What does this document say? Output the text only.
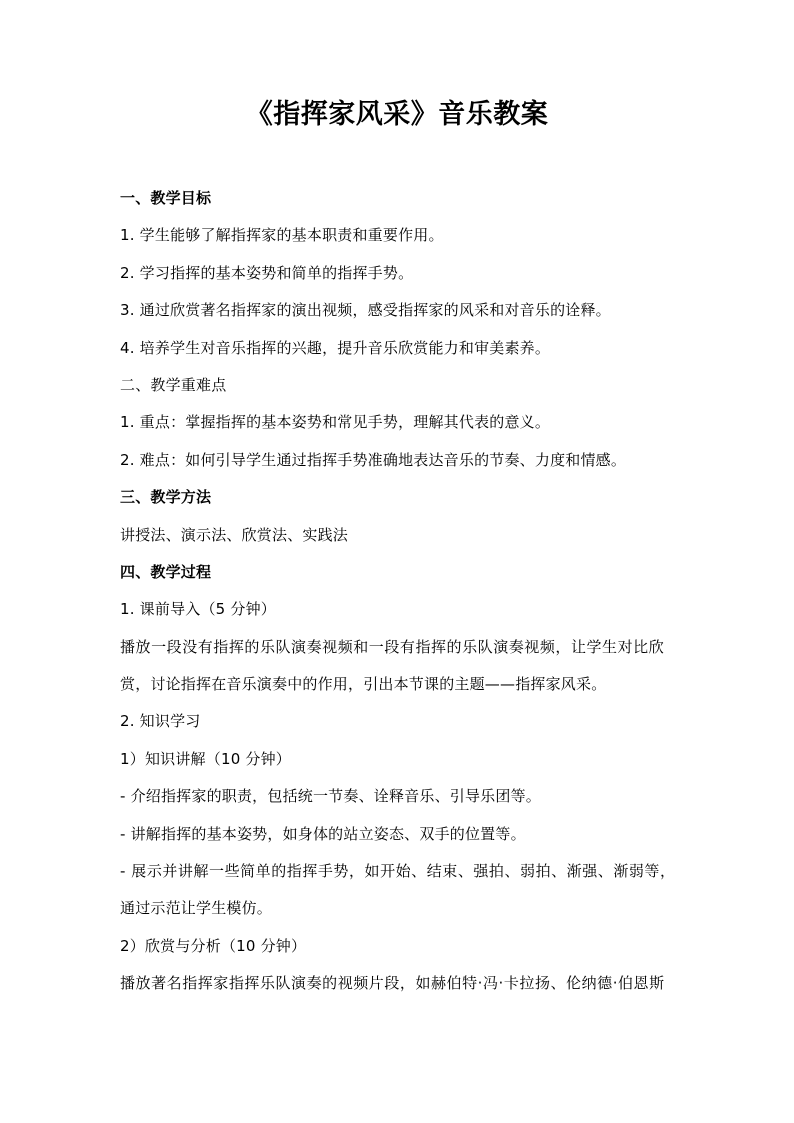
《指挥家风采》音乐教案
一、教学目标
1. 学生能够了解指挥家的基本职责和重要作用。
2. 学习指挥的基本姿势和简单的指挥手势。
3. 通过欣赏著名指挥家的演出视频，感受指挥家的风采和对音乐的诠释。
4. 培养学生对音乐指挥的兴趣，提升音乐欣赏能力和审美素养。
二、教学重难点
1. 重点：掌握指挥的基本姿势和常见手势，理解其代表的意义。
2. 难点：如何引导学生通过指挥手势准确地表达音乐的节奏、力度和情感。
三、教学方法
讲授法、演示法、欣赏法、实践法
四、教学过程
1. 课前导入（5 分钟）
播放一段没有指挥的乐队演奏视频和一段有指挥的乐队演奏视频，让学生对比欣
赏，讨论指挥在音乐演奏中的作用，引出本节课的主题——指挥家风采。
2. 知识学习
1）知识讲解（10 分钟）
- 介绍指挥家的职责，包括统一节奏、诠释音乐、引导乐团等。
- 讲解指挥的基本姿势，如身体的站立姿态、双手的位置等。
- 展示并讲解一些简单的指挥手势，如开始、结束、强拍、弱拍、渐强、渐弱等，
通过示范让学生模仿。
2）欣赏与分析（10 分钟）
播放著名指挥家指挥乐队演奏的视频片段，如赫伯特·冯·卡拉扬、伦纳德·伯恩斯
